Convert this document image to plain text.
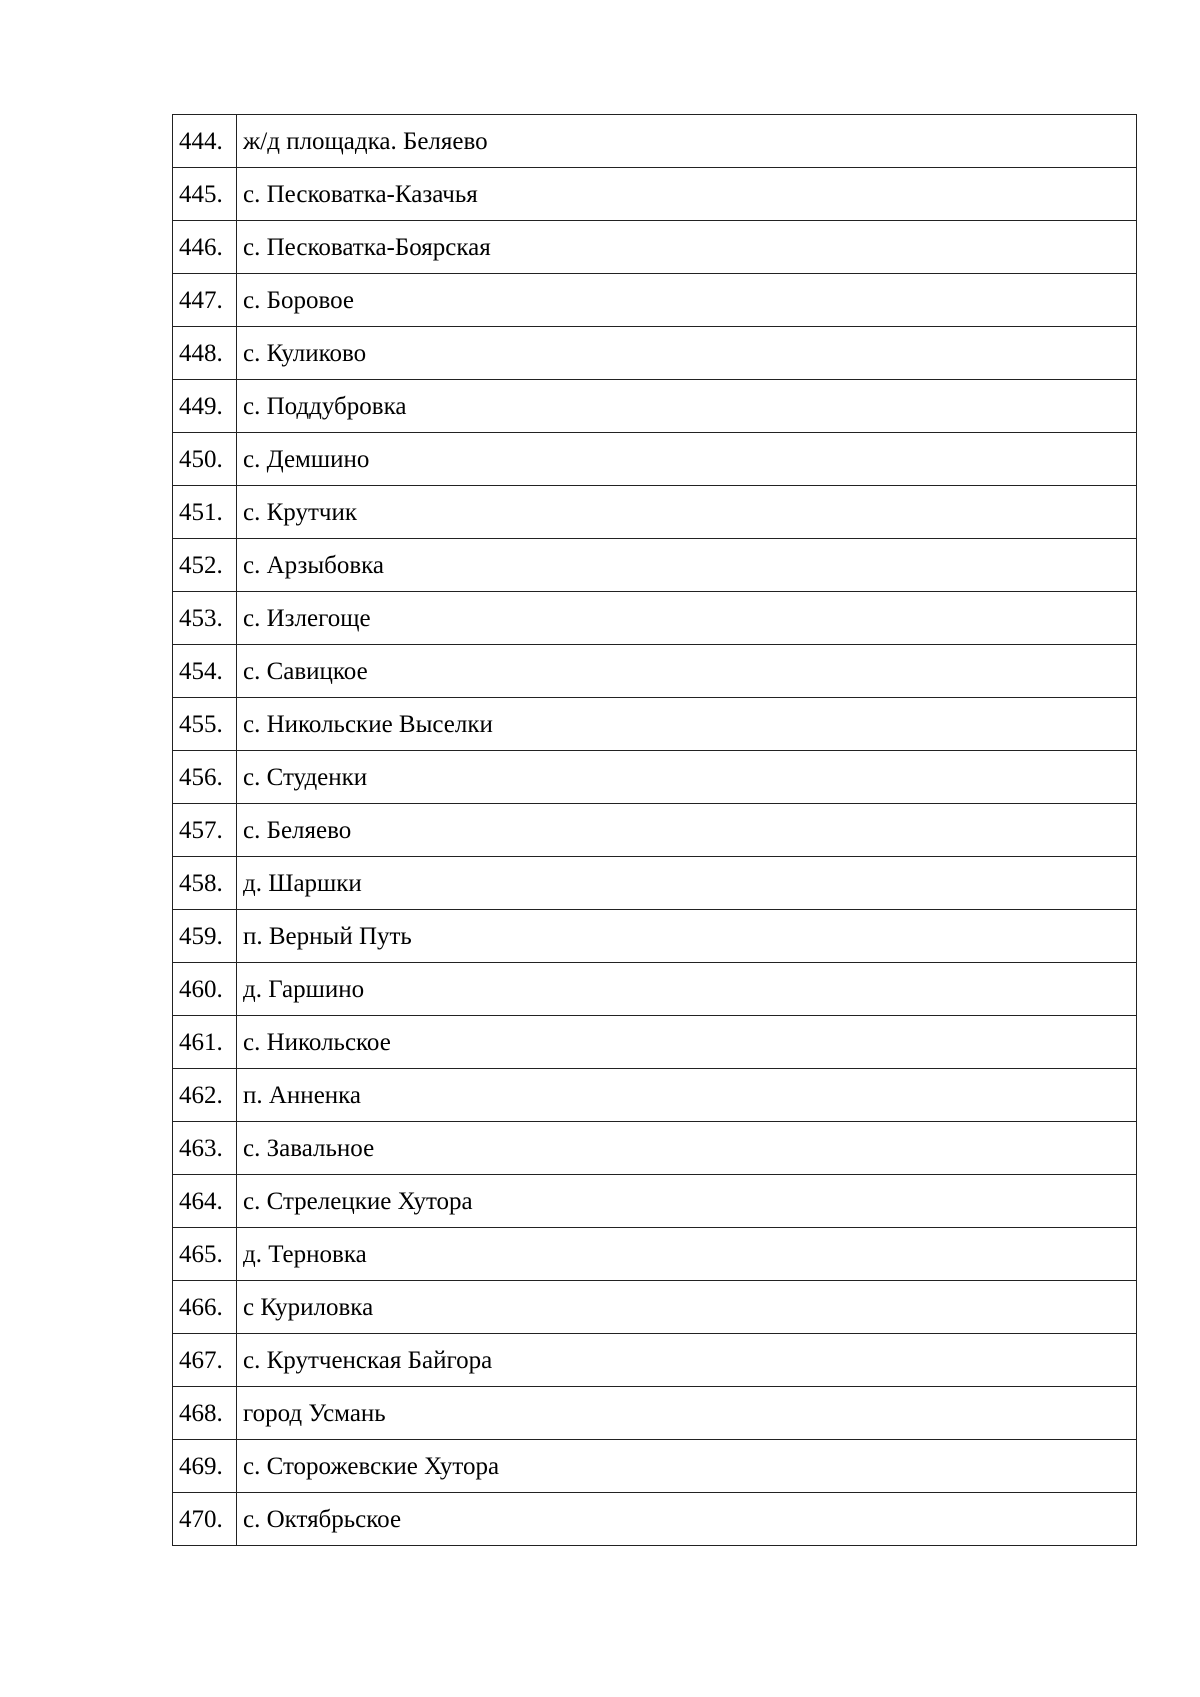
444.	ж/д площадка. Беляево
445.	с. Песковатка-Казачья
446.	с. Песковатка-Боярская
447.	с. Боровое
448.	с. Куликово
449.	с. Поддубровка
450.	с. Демшино
451.	с. Крутчик
452.	с. Арзыбовка
453.	с. Излегоще
454.	с. Савицкое
455.	с. Никольские Выселки
456.	с. Студенки
457.	с. Беляево
458.	д. Шаршки
459.	п. Верный Путь
460.	д. Гаршино
461.	с. Никольское
462.	п. Анненка
463.	с. Завальное
464.	с. Стрелецкие Хутора
465.	д. Терновка
466.	с Куриловка
467.	с. Крутченская Байгора
468.	город Усмань
469.	с. Сторожевские Хутора
470.	с. Октябрьское
